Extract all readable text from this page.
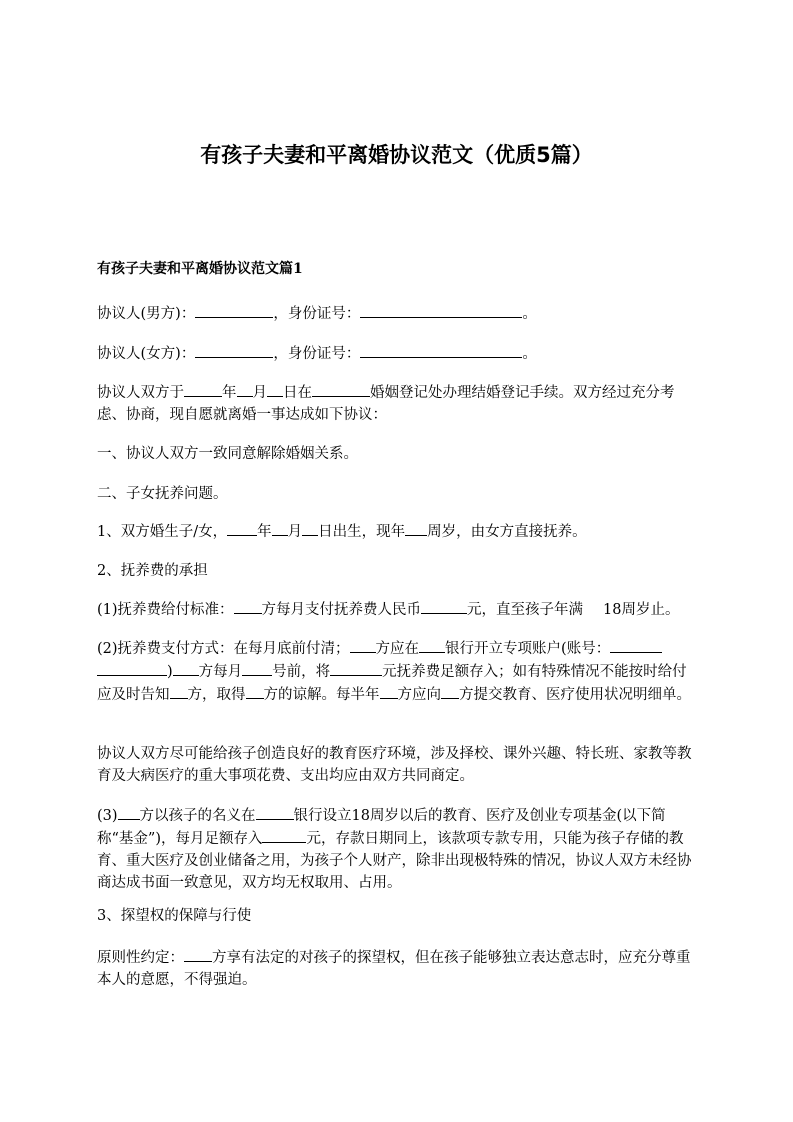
有孩子夫妻和平离婚协议范文（优质5篇）
有孩子夫妻和平离婚协议范文篇1

协议人(男方)：	，身份证号：	。

协议人(女方)：	，身份证号：	。

协议人双方于	年 月 日在	婚姻登记处办理结婚登记手续。双方经过充分考虑、协商，现自愿就离婚一事达成如下协议：

一、协议人双方一致同意解除婚姻关系。

二、子女抚养问题。

1、双方婚生子/女， 年 月 日出生，现年 周岁，由女方直接抚养。

2、抚养费的承担

(1)抚养费给付标准： 方每月支付抚养费人民币	元，直至孩子年满 18周岁止。

(2)抚养费支付方式：在每月底前付清； 方应在 银行开立专项账户(账号：) 方每月 号前，将	元抚养费足额存入；如有特殊情况不能按时给付应及时告知 方，取得 方的谅解。每半年 方应向 方提交教育、医疗使用状况明细单。

协议人双方尽可能给孩子创造良好的教育医疗环境，涉及择校、课外兴趣、特长班、家教等教育及大病医疗的重大事项花费、支出均应由双方共同商定。

(3) 方以孩子的名义在	银行设立18周岁以后的教育、医疗及创业专项基金(以下简称“基金”)，每月足额存入	元，存款日期同上，该款项专款专用，只能为孩子存储的教育、重大医疗及创业储备之用，为孩子个人财产，除非出现极特殊的情况，协议人双方未经协商达成书面一致意见，双方均无权取用、占用。

3、探望权的保障与行使

原则性约定： 方享有法定的对孩子的探望权，但在孩子能够独立表达意志时，应充分尊重本人的意愿，不得强迫。
